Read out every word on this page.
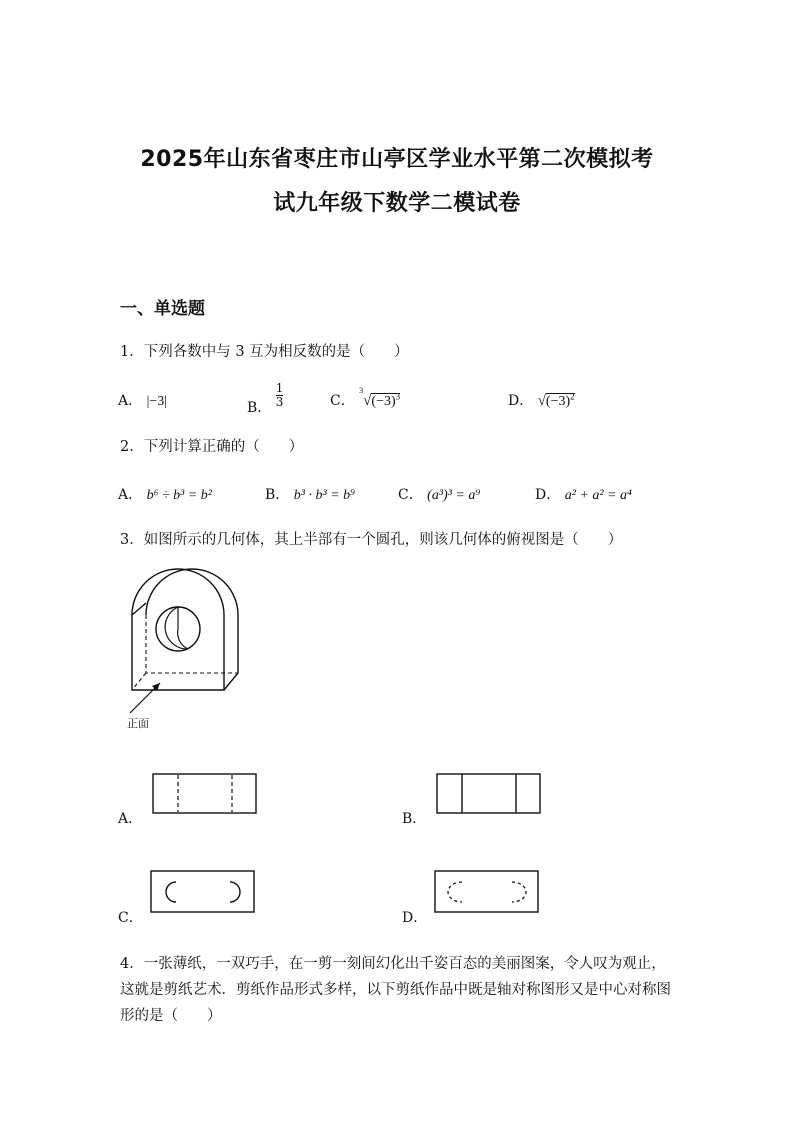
2025年山东省枣庄市山亭区学业水平第二次模拟考
试九年级下数学二模试卷
一、单选题
1．下列各数中与 3 互为相反数的是（　　）
A． |−3|	B． $\frac{1}{3}$	C． $^3√(-3)^3$	D． $√(-3)^2$
2．下列计算正确的（　　）
A． b⁶ ÷ b³ = b²	B． b³ · b³ = b⁹	C． (a³)³ = a⁹	D． a² + a² = a⁴
3．如图所示的几何体，其上半部有一个圆孔，则该几何体的俯视图是（　　）
正面
A．	B．
C．	D．
4．一张薄纸，一双巧手，在一剪一刻间幻化出千姿百态的美丽图案，令人叹为观止，这就是剪纸艺术．剪纸作品形式多样，以下剪纸作品中既是轴对称图形又是中心对称图形的是（　　）
